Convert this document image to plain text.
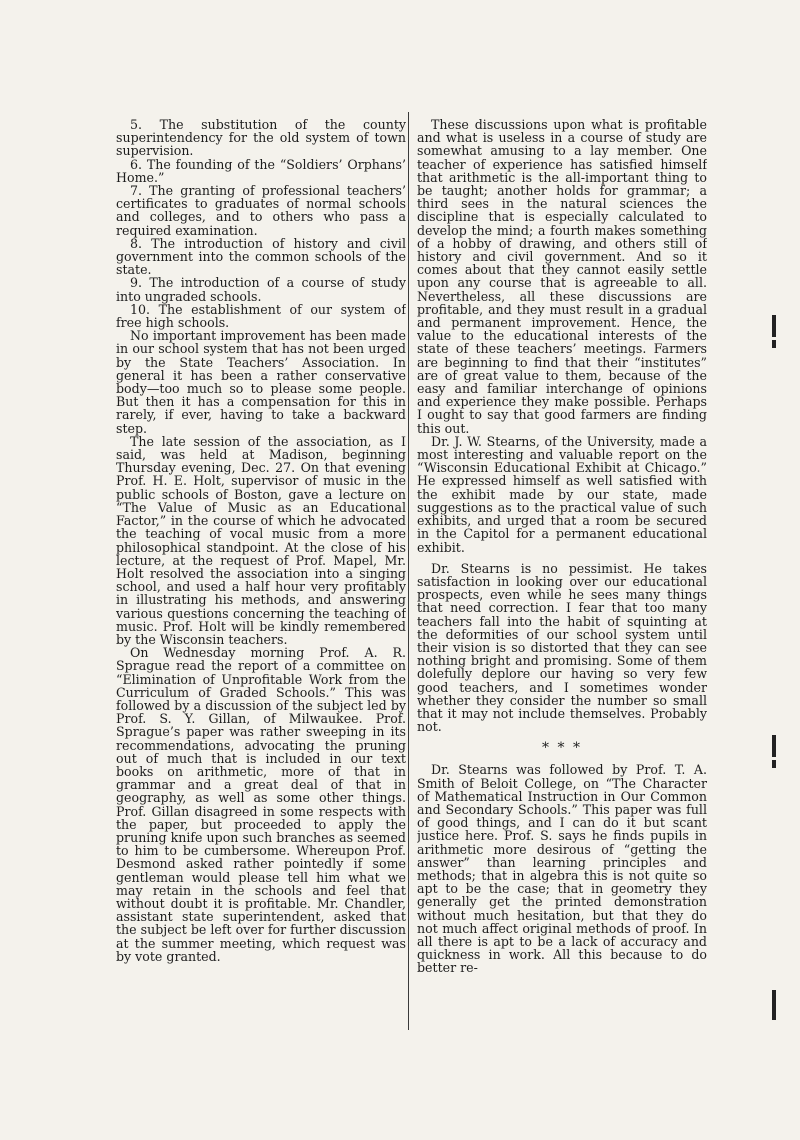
5. The substitution of the county superintendency for the old system of town supervision.

6. The founding of the “Soldiers’ Orphans’ Home.”

7. The granting of professional teachers’ certificates to graduates of normal schools and colleges, and to others who pass a required examination.

8. The introduction of history and civil government into the common schools of the state.

9. The introduction of a course of study into ungraded schools.

10. The establishment of our system of free high schools.

No important improvement has been made in our school system that has not been urged by the State Teachers’ Association. In general it has been a rather conservative body—too much so to please some people. But then it has a compensation for this in rarely, if ever, having to take a backward step.

The late session of the association, as I said, was held at Madison, beginning Thursday evening, Dec. 27. On that evening Prof. H. E. Holt, supervisor of music in the public schools of Boston, gave a lecture on “The Value of Music as an Educational Factor,” in the course of which he advocated the teaching of vocal music from a more philosophical standpoint. At the close of his lecture, at the request of Prof. Mapel, Mr. Holt resolved the association into a singing school, and used a half hour very profitably in illustrating his methods, and answering various questions concerning the teaching of music. Prof. Holt will be kindly remembered by the Wisconsin teachers.

On Wednesday morning Prof. A. R. Sprague read the report of a committee on “Elimination of Unprofitable Work from the Curriculum of Graded Schools.” This was followed by a discussion of the subject led by Prof. S. Y. Gillan, of Milwaukee. Prof. Sprague’s paper was rather sweeping in its recommendations, advocating the pruning out of much that is included in our text books on arithmetic, more of that in grammar and a great deal of that in geography, as well as some other things. Prof. Gillan disagreed in some respects with the paper, but proceeded to apply the pruning knife upon such branches as seemed to him to be cumbersome. Whereupon Prof. Desmond asked rather pointedly if some gentleman would please tell him what we may retain in the schools and feel that without doubt it is profitable. Mr. Chandler, assistant state superintendent, asked that the subject be left over for further discussion at the summer meeting, which request was by vote granted.

These discussions upon what is profitable and what is useless in a course of study are somewhat amusing to a lay member. One teacher of experience has satisfied himself that arithmetic is the all-important thing to be taught; another holds for grammar; a third sees in the natural sciences the discipline that is especially calculated to develop the mind; a fourth makes something of a hobby of drawing, and others still of history and civil government. And so it comes about that they cannot easily settle upon any course that is agreeable to all. Nevertheless, all these discussions are profitable, and they must result in a gradual and permanent improvement. Hence, the value to the educational interests of the state of these teachers’ meetings. Farmers are beginning to find that their “institutes” are of great value to them, because of the easy and familiar interchange of opinions and experience they make possible. Perhaps I ought to say that good farmers are finding this out.

Dr. J. W. Stearns, of the University, made a most interesting and valuable report on the “Wisconsin Educational Exhibit at Chicago.” He expressed himself as well satisfied with the exhibit made by our state, made suggestions as to the practical value of such exhibits, and urged that a room be secured in the Capitol for a permanent educational exhibit.

Dr. Stearns is no pessimist. He takes satisfaction in looking over our educational prospects, even while he sees many things that need correction. I fear that too many teachers fall into the habit of squinting at the deformities of our school system until their vision is so distorted that they can see nothing bright and promising. Some of them dolefully deplore our having so very few good teachers, and I sometimes wonder whether they consider the number so small that it may not include themselves. Probably not.

* * *

Dr. Stearns was followed by Prof. T. A. Smith of Beloit College, on “The Character of Mathematical Instruction in Our Common and Secondary Schools.” This paper was full of good things, and I can do it but scant justice here. Prof. S. says he finds pupils in arithmetic more desirous of “getting the answer” than learning principles and methods; that in algebra this is not quite so apt to be the case; that in geometry they generally get the printed demonstration without much hesitation, but that they do not much affect original methods of proof. In all there is apt to be a lack of accuracy and quickness in work. All this because to do better re-
